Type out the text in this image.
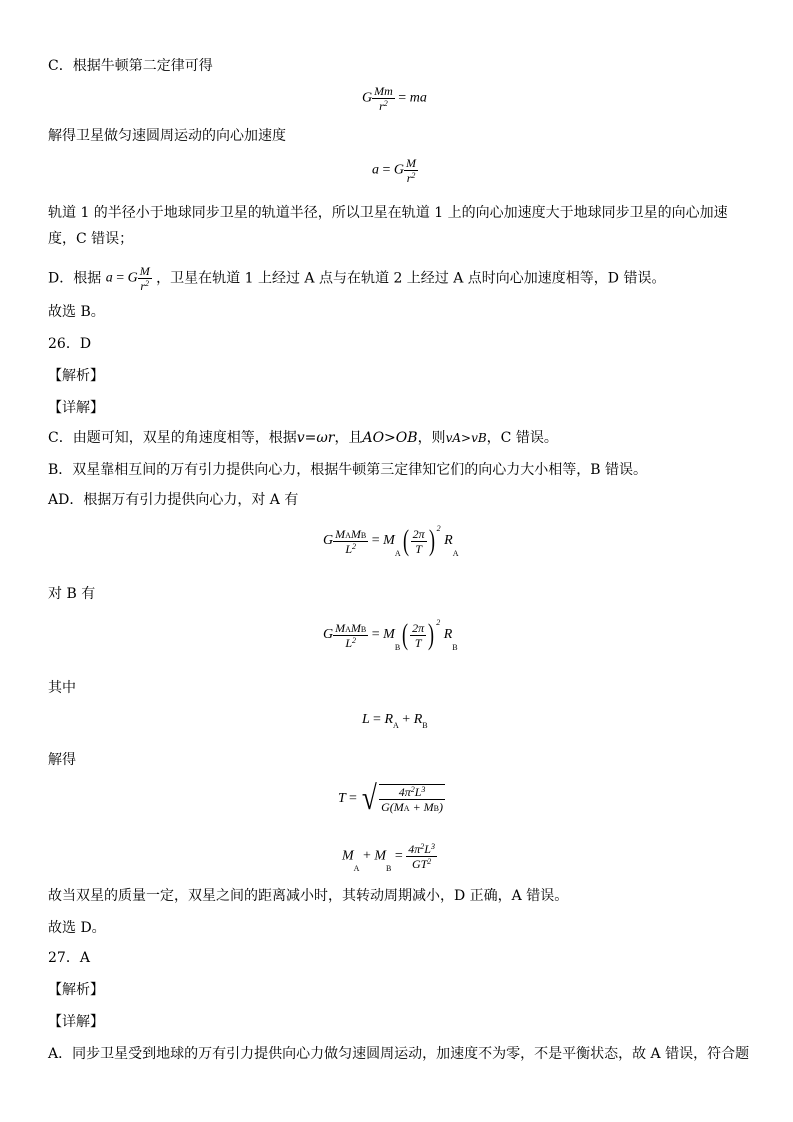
C．根据牛顿第二定律可得
G $\frac{Mm}{r^2}$ = ma
解得卫星做匀速圆周运动的向心加速度
a = G $\frac{M}{r^2}$
轨道 1 的半径小于地球同步卫星的轨道半径，所以卫星在轨道 1 上的向心加速度大于地球同步卫星的向心加速度，C 错误；
D．根据 a = G $\frac{M}{r^2}$ ，卫星在轨道 1 上经过 A 点与在轨道 2 上经过 A 点时向心加速度相等，D 错误。
故选 B。
26．D
【解析】
【详解】
C．由题可知，双星的角速度相等，根据v=ωr，且AO>OB，则vA>vB，C 错误。
B．双星靠相互间的万有引力提供向心力，根据牛顿第三定律知它们的向心力大小相等，B 错误。
AD．根据万有引力提供向心力，对 A 有
G $\frac{M_AM_B}{L^2} = M_A( \frac{2\pi}{T}$ ) $^2$ $R_A$
对 B 有
G $\frac{M_AM_B}{L^2} = M_B( \frac{2\pi}{T}$ ) $^2$ $R_B$
其中
$L = R_A + R_B$
解得
T = √ $\frac{4\pi^2L^3}{G(M_A + M_B)}$
$M_A + M_B = \frac{4\pi^2L^3}{GT^2}$
故当双星的质量一定，双星之间的距离减小时，其转动周期减小，D 正确，A 错误。
故选 D。
27．A
【解析】
【详解】
A．同步卫星受到地球的万有引力提供向心力做匀速圆周运动，加速度不为零，不是平衡状态，故 A 错误，符合题
